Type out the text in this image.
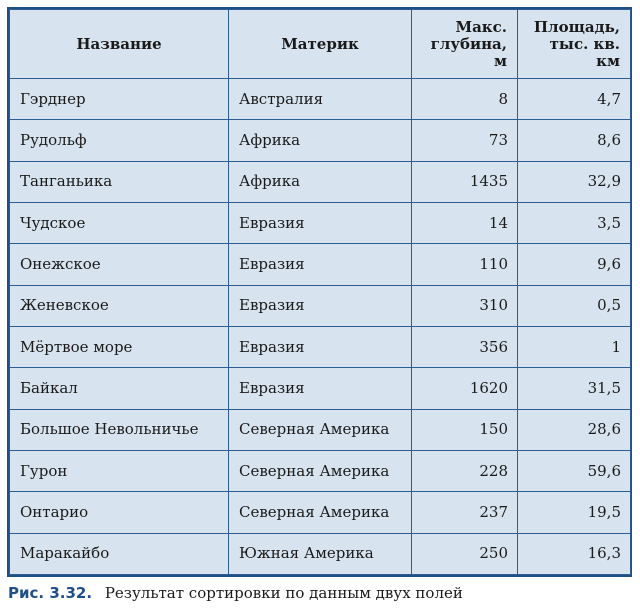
Название	Материк	Макс. глубина, м	Площадь, тыс. кв. км
Гэрднер	Австралия	8	4,7
Рудольф	Африка	73	8,6
Танганьика	Африка	1435	32,9
Чудское	Евразия	14	3,5
Онежское	Евразия	110	9,6
Женевское	Евразия	310	0,5
Мёртвое море	Евразия	356	1
Байкал	Евразия	1620	31,5
Большое Невольничье	Северная Америка	150	28,6
Гурон	Северная Америка	228	59,6
Онтарио	Северная Америка	237	19,5
Маракайбо	Южная Америка	250	16,3
Рис. 3.32. Результат сортировки по данным двух полей
